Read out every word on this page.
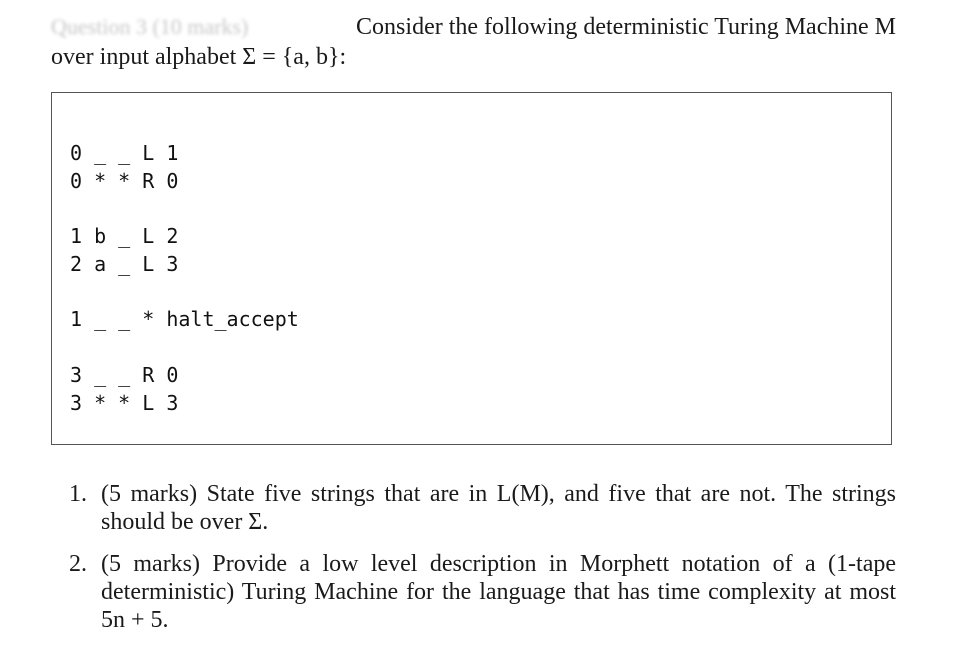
Question 3 (10 marks)	Consider the following deterministic Turing Machine M
over input alphabet Σ = {a, b}:
0 _ _ L 1
0 * * R 0
1 b _ L 2
2 a _ L 3
1 _ _ * halt_accept
3 _ _ R 0
3 * * L 3
1. (5 marks) State five strings that are in L(M), and five that are not. The strings should be over Σ.
2. (5 marks) Provide a low level description in Morphett notation of a (1-tape deterministic) Turing Machine for the language that has time complexity at most 5n + 5.
